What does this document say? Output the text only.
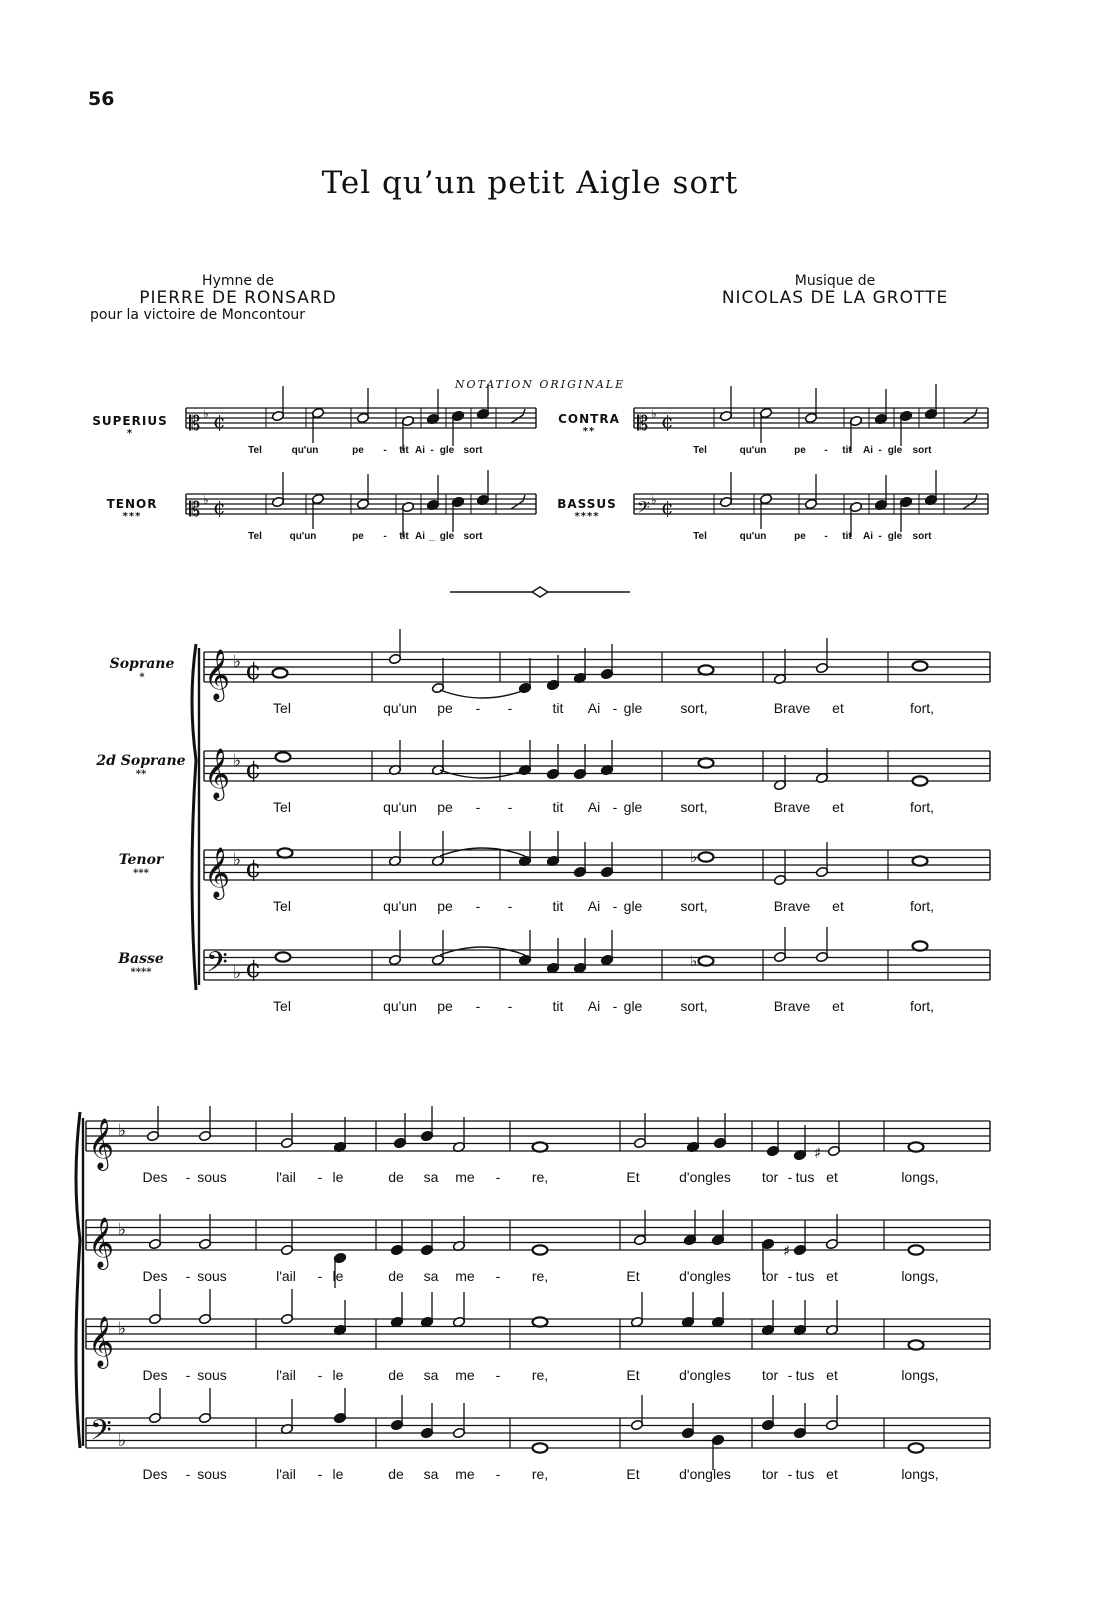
56
Tel qu’un petit Aigle sort
Hymne de
PIERRE DE RONSARD
pour la victoire de Moncontour
Musique de
NICOLAS DE LA GROTTE
NOTATION ORIGINALE
SUPERIUS
*
CONTRA
**
TENOR
***
BASSUS
****
Soprane
*
2d Soprane
**
Tenor
***
Basse
****
𝄡 ♭ ¢
Tel	qu'un	pe - tit Ai - gle sort
𝄡 ♭ ¢
Tel	qu'un	pe - tit Ai - gle sort
𝄡 ♭ ¢
Tel	qu'un	pe - tit Ai _ gle sort
𝄢 ♭ ¢
Tel	qu'un	pe - tit Ai - gle sort
𝄞 ♭ ¢
𝄞 ♭ ¢
𝄞 ♭ ¢
𝄢 ♭ ¢
♭
♭
Tel	qu'un pe - -	tit Ai - gle	sort,	Brave et	fort,
Tel	qu'un pe - -	tit Ai - gle	sort,	Brave et	fort,
Tel	qu'un pe - -	tit Ai - gle	sort,	Brave et	fort,
Tel	qu'un pe - -	tit Ai - gle	sort,	Brave et	fort,
𝄞 ♭
𝄞 ♭
𝄞 ♭
𝄢 ♭
♯
♯
Des - sous	l'ail - le	de sa me - re,	Et	d'ongles tor - tus et	longs,
Des - sous	l'ail - le	de sa me - re,	Et	d'ongles tor - tus et	longs,
Des - sous	l'ail - le	de sa me - re,	Et	d'ongles tor - tus et	longs,
Des - sous	l'ail - le	de sa me - re,	Et	d'ongles tor - tus et	longs,
